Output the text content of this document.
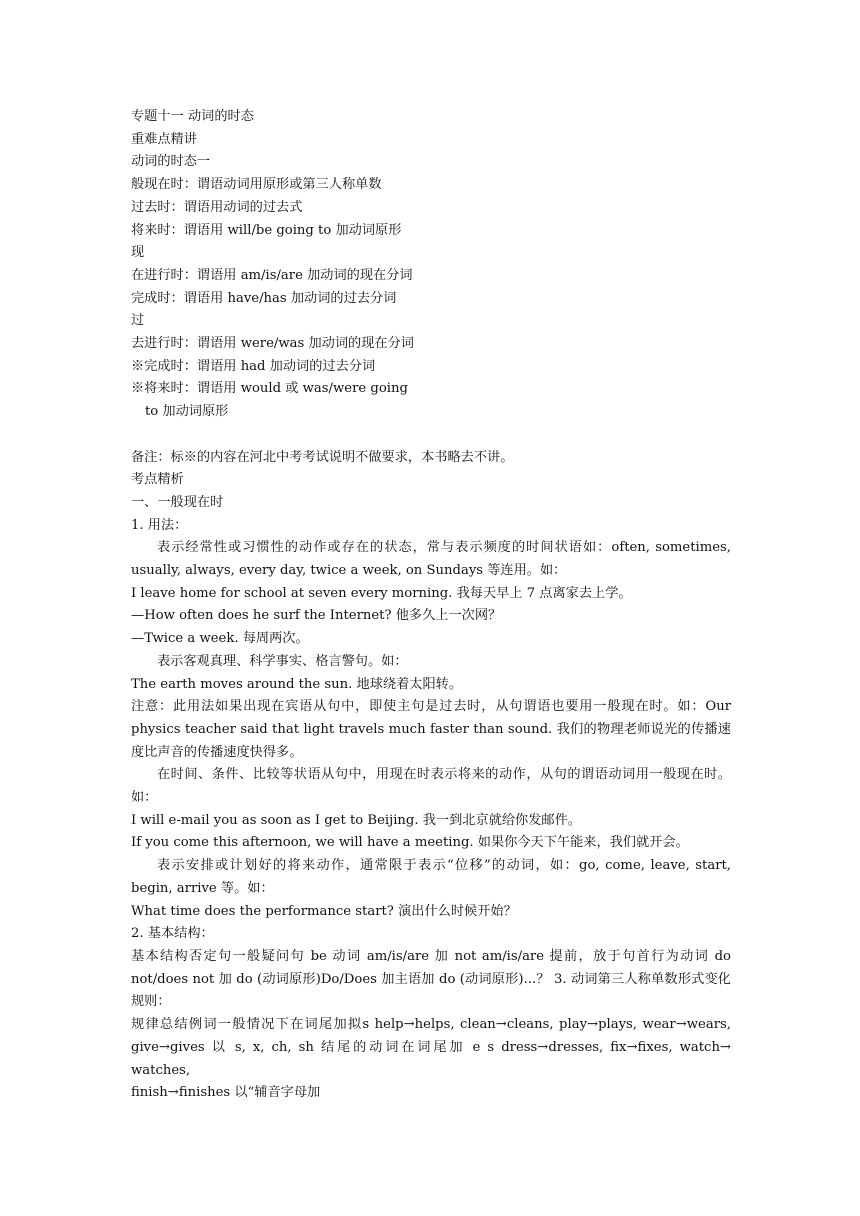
专题十一 动词的时态
重难点精讲
动词的时态一
般现在时：谓语动词用原形或第三人称单数
过去时：谓语用动词的过去式
将来时：谓语用 will/be going to 加动词原形
现
在进行时：谓语用 am/is/are 加动词的现在分词
完成时：谓语用 have/has 加动词的过去分词
过
去进行时：谓语用 were/was 加动词的现在分词
※完成时：谓语用 had 加动词的过去分词
※将来时：谓语用 would 或 was/were going
to 加动词原形
备注：标※的内容在河北中考考试说明不做要求，本书略去不讲。
考点精析
一、一般现在时
1. 用法：
表示经常性或习惯性的动作或存在的状态，常与表示频度的时间状语如：often, sometimes, usually, always, every day, twice a week, on Sundays 等连用。如：
I leave home for school at seven every morning. 我每天早上 7 点离家去上学。
—How often does he surf the Internet? 他多久上一次网？
—Twice a week. 每周两次。
表示客观真理、科学事实、格言警句。如：
The earth moves around the sun. 地球绕着太阳转。
注意：此用法如果出现在宾语从句中，即使主句是过去时，从句谓语也要用一般现在时。如：Our physics teacher said that light travels much faster than sound. 我们的物理老师说光的传播速度比声音的传播速度快得多。
在时间、条件、比较等状语从句中，用现在时表示将来的动作，从句的谓语动词用一般现在时。如：
I will e-mail you as soon as I get to Beijing. 我一到北京就给你发邮件。
If you come this afternoon, we will have a meeting. 如果你今天下午能来，我们就开会。
表示安排或计划好的将来动作，通常限于表示“位移”的动词，如：go, come, leave, start, begin, arrive 等。如：
What time does the performance start? 演出什么时候开始？
2. 基本结构：
基本结构否定句一般疑问句 be 动词 am/is/are 加 not am/is/are 提前，放于句首行为动词 do not/does not 加 do (动词原形)Do/Does 加主语加 do (动词原形)...？ 3. 动词第三人称单数形式变化规则：
规律总结例词一般情况下在词尾加拟s help→helps, clean→cleans, play→plays, wear→wears, give→gives 以 s, x, ch, sh 结尾的动词在词尾加 e s dress→dresses, fix→fixes, watch→ watches,
finish→finishes 以“辅音字母加
